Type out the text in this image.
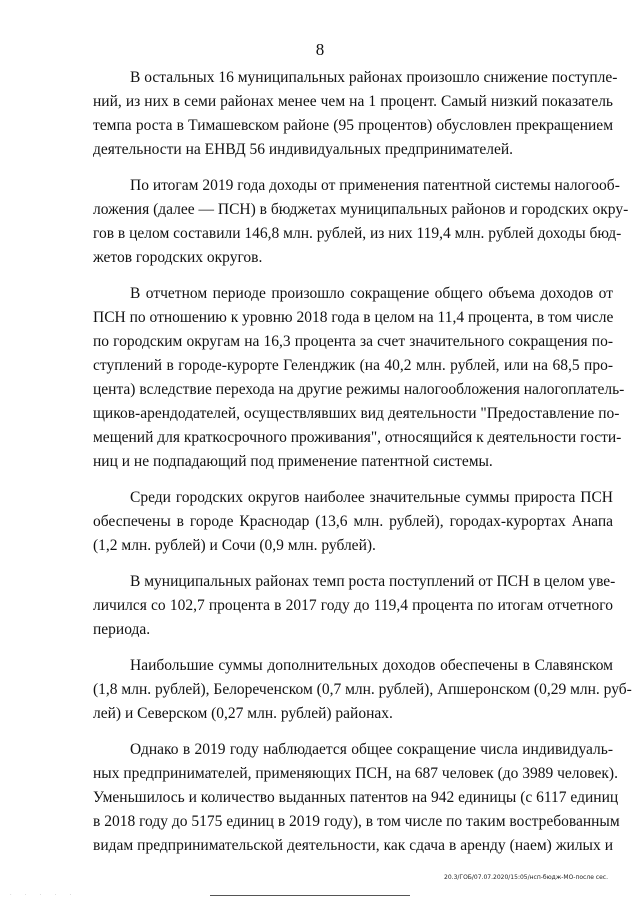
8
В остальных 16 муниципальных районах произошло снижение поступле-
ний, из них в семи районах менее чем на 1 процент. Самый низкий показатель
темпа роста в Тимашевском районе (95 процентов) обусловлен прекращением
деятельности на ЕНВД 56 индивидуальных предпринимателей.
По итогам 2019 года доходы от применения патентной системы налогооб-
ложения (далее — ПСН) в бюджетах муниципальных районов и городских окру-
гов в целом составили 146,8 млн. рублей, из них 119,4 млн. рублей доходы бюд-
жетов городских округов.
В отчетном периоде произошло сокращение общего объема доходов от
ПСН по отношению к уровню 2018 года в целом на 11,4 процента, в том числе
по городским округам на 16,3 процента за счет значительного сокращения по-
ступлений в городе-курорте Геленджик (на 40,2 млн. рублей, или на 68,5 про-
цента) вследствие перехода на другие режимы налогообложения налогоплатель-
щиков-арендодателей, осуществлявших вид деятельности "Предоставление по-
мещений для краткосрочного проживания", относящийся к деятельности гости-
ниц и не подпадающий под применение патентной системы.
Среди городских округов наиболее значительные суммы прироста ПСН
обеспечены в городе Краснодар (13,6 млн. рублей), городах-курортах Анапа
(1,2 млн. рублей) и Сочи (0,9 млн. рублей).
В муниципальных районах темп роста поступлений от ПСН в целом уве-
личился со 102,7 процента в 2017 году до 119,4 процента по итогам отчетного
периода.
Наибольшие суммы дополнительных доходов обеспечены в Славянском
(1,8 млн. рублей), Белореченском (0,7 млн. рублей), Апшеронском (0,29 млн. руб-
лей) и Северском (0,27 млн. рублей) районах.
Однако в 2019 году наблюдается общее сокращение числа индивидуаль-
ных предпринимателей, применяющих ПСН, на 687 человек (до 3989 человек).
Уменьшилось и количество выданных патентов на 942 единицы (с 6117 единиц
в 2018 году до 5175 единиц в 2019 году), в том числе по таким востребованным
видам предпринимательской деятельности, как сдача в аренду (наем) жилых и
20.3/ГОБ/07.07.2020/15:05/нсп-бюдж-МО-после сес.
· · · · ·
